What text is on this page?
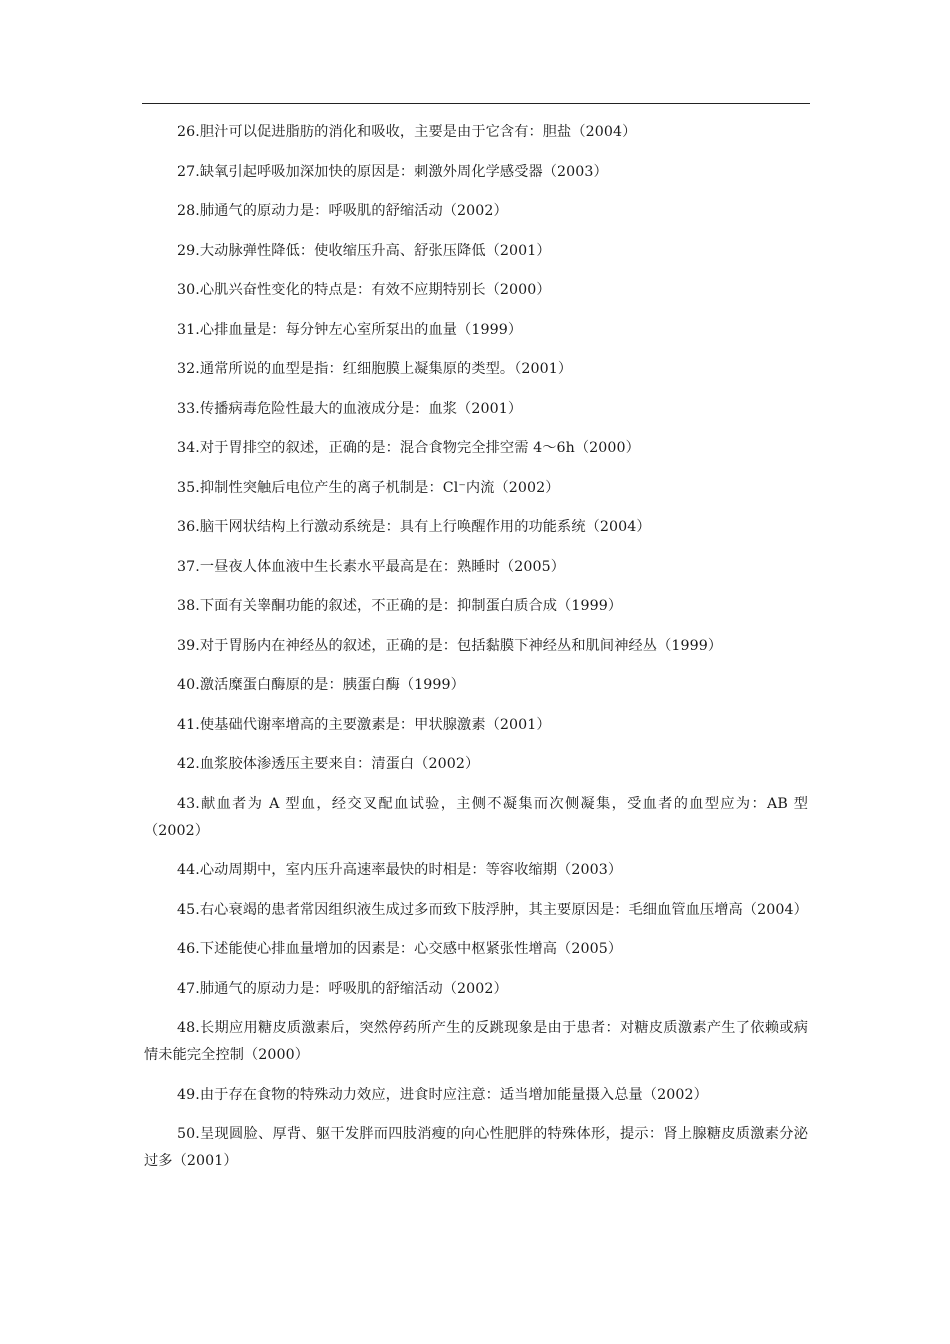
26.胆汁可以促进脂肪的消化和吸收，主要是由于它含有：胆盐（2004）

27.缺氧引起呼吸加深加快的原因是：刺激外周化学感受器（2003）

28.肺通气的原动力是：呼吸肌的舒缩活动（2002）

29.大动脉弹性降低：使收缩压升高、舒张压降低（2001）

30.心肌兴奋性变化的特点是：有效不应期特别长（2000）

31.心排血量是：每分钟左心室所泵出的血量（1999）

32.通常所说的血型是指：红细胞膜上凝集原的类型。（2001）

33.传播病毒危险性最大的血液成分是：血浆（2001）

34.对于胃排空的叙述，正确的是：混合食物完全排空需 4～6h（2000）

35.抑制性突触后电位产生的离子机制是：Cl⁻内流（2002）

36.脑干网状结构上行激动系统是：具有上行唤醒作用的功能系统（2004）

37.一昼夜人体血液中生长素水平最高是在：熟睡时（2005）

38.下面有关睾酮功能的叙述，不正确的是：抑制蛋白质合成（1999）

39.对于胃肠内在神经丛的叙述，正确的是：包括黏膜下神经丛和肌间神经丛（1999）

40.激活糜蛋白酶原的是：胰蛋白酶（1999）

41.使基础代谢率增高的主要激素是：甲状腺激素（2001）

42.血浆胶体渗透压主要来自：清蛋白（2002）

43.献血者为 A 型血，经交叉配血试验，主侧不凝集而次侧凝集，受血者的血型应为：AB 型（2002）

44.心动周期中，室内压升高速率最快的时相是：等容收缩期（2003）

45.右心衰竭的患者常因组织液生成过多而致下肢浮肿，其主要原因是：毛细血管血压增高（2004）

46.下述能使心排血量增加的因素是：心交感中枢紧张性增高（2005）

47.肺通气的原动力是：呼吸肌的舒缩活动（2002）

48.长期应用糖皮质激素后，突然停药所产生的反跳现象是由于患者：对糖皮质激素产生了依赖或病情未能完全控制（2000）

49.由于存在食物的特殊动力效应，进食时应注意：适当增加能量摄入总量（2002）

50.呈现圆脸、厚背、躯干发胖而四肢消瘦的向心性肥胖的特殊体形，提示：肾上腺糖皮质激素分泌过多（2001）
